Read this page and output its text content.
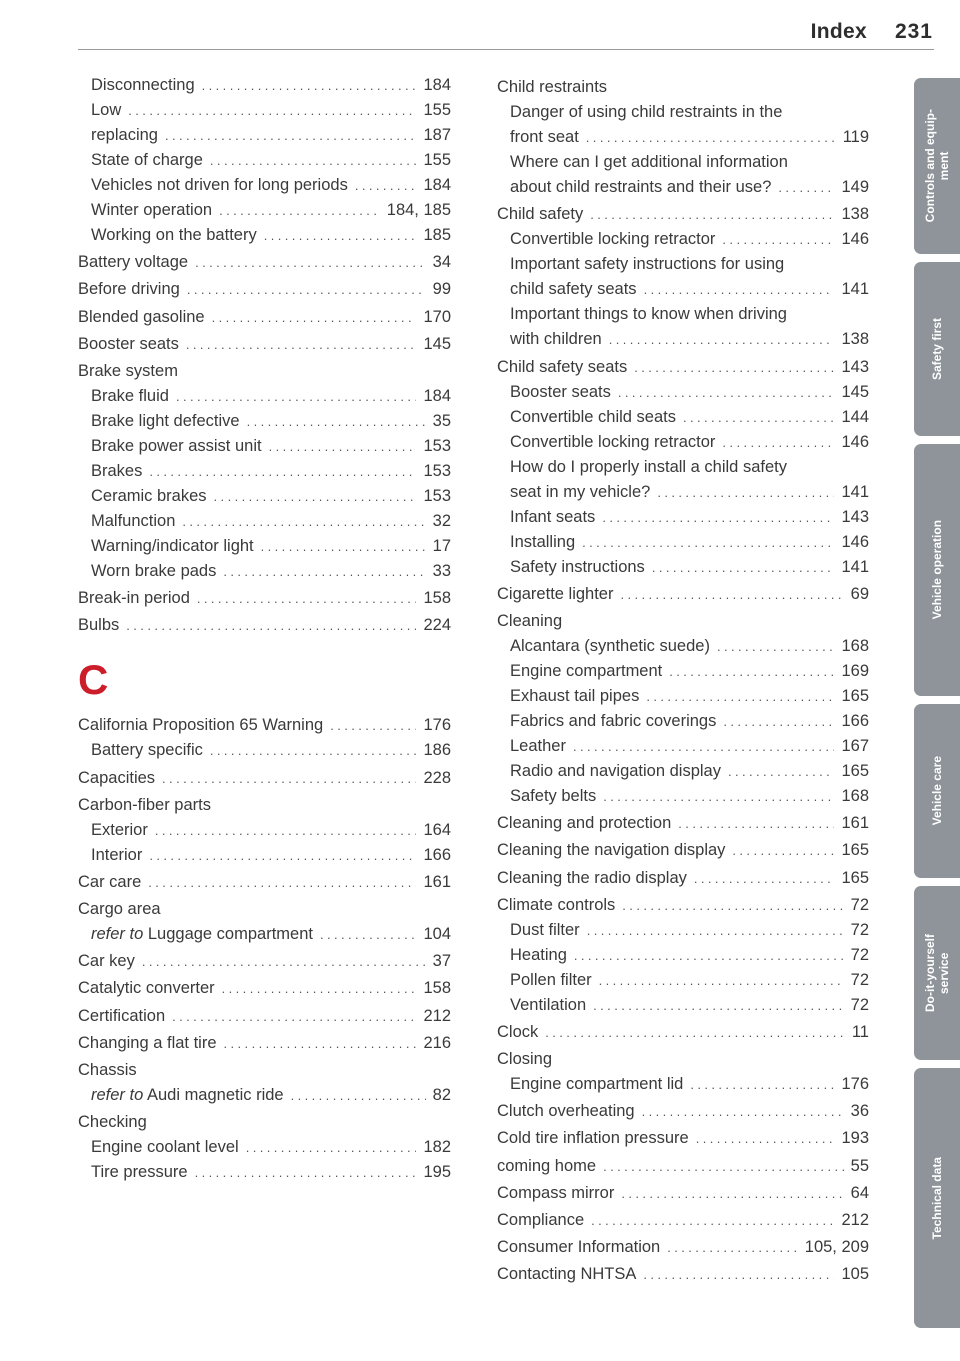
Index 231
Disconnecting .....	184
Low .....	155
replacing .....	187
State of charge .....	155
Vehicles not driven for long periods .....	184
Winter operation .....	184, 185
Working on the battery .....	185
Battery voltage .....	34
Before driving .....	99
Blended gasoline .....	170
Booster seats .....	145
Brake system
Brake fluid .....	184
Brake light defective .....	35
Brake power assist unit .....	153
Brakes .....	153
Ceramic brakes .....	153
Malfunction .....	32
Warning/indicator light .....	17
Worn brake pads .....	33
Break-in period .....	158
Bulbs .....	224
C
California Proposition 65 Warning .....	176
Battery specific .....	186
Capacities .....	228
Carbon-fiber parts
Exterior .....	164
Interior .....	166
Car care .....	161
Cargo area
refer to Luggage compartment .....	104
Car key .....	37
Catalytic converter .....	158
Certification .....	212
Changing a flat tire .....	216
Chassis
refer to Audi magnetic ride .....	82
Checking
Engine coolant level .....	182
Tire pressure .....	195
Child restraints
Danger of using child restraints in the
front seat .....	119
Where can I get additional information
about child restraints and their use? .....	149
Child safety .....	138
Convertible locking retractor .....	146
Important safety instructions for using
child safety seats .....	141
Important things to know when driving
with children .....	138
Child safety seats .....	143
Booster seats .....	145
Convertible child seats .....	144
Convertible locking retractor .....	146
How do I properly install a child safety
seat in my vehicle? .....	141
Infant seats .....	143
Installing .....	146
Safety instructions .....	141
Cigarette lighter .....	69
Cleaning
Alcantara (synthetic suede) .....	168
Engine compartment .....	169
Exhaust tail pipes .....	165
Fabrics and fabric coverings .....	166
Leather .....	167
Radio and navigation display .....	165
Safety belts .....	168
Cleaning and protection .....	161
Cleaning the navigation display .....	165
Cleaning the radio display .....	165
Climate controls .....	72
Dust filter .....	72
Heating .....	72
Pollen filter .....	72
Ventilation .....	72
Clock .....	11
Closing
Engine compartment lid .....	176
Clutch overheating .....	36
Cold tire inflation pressure .....	193
coming home .....	55
Compass mirror .....	64
Compliance .....	212
Consumer Information .....	105, 209
Contacting NHTSA .....	105
Controls and equip-
ment
Safety first
Vehicle operation
Vehicle care
Do-it-yourself
service
Technical data
